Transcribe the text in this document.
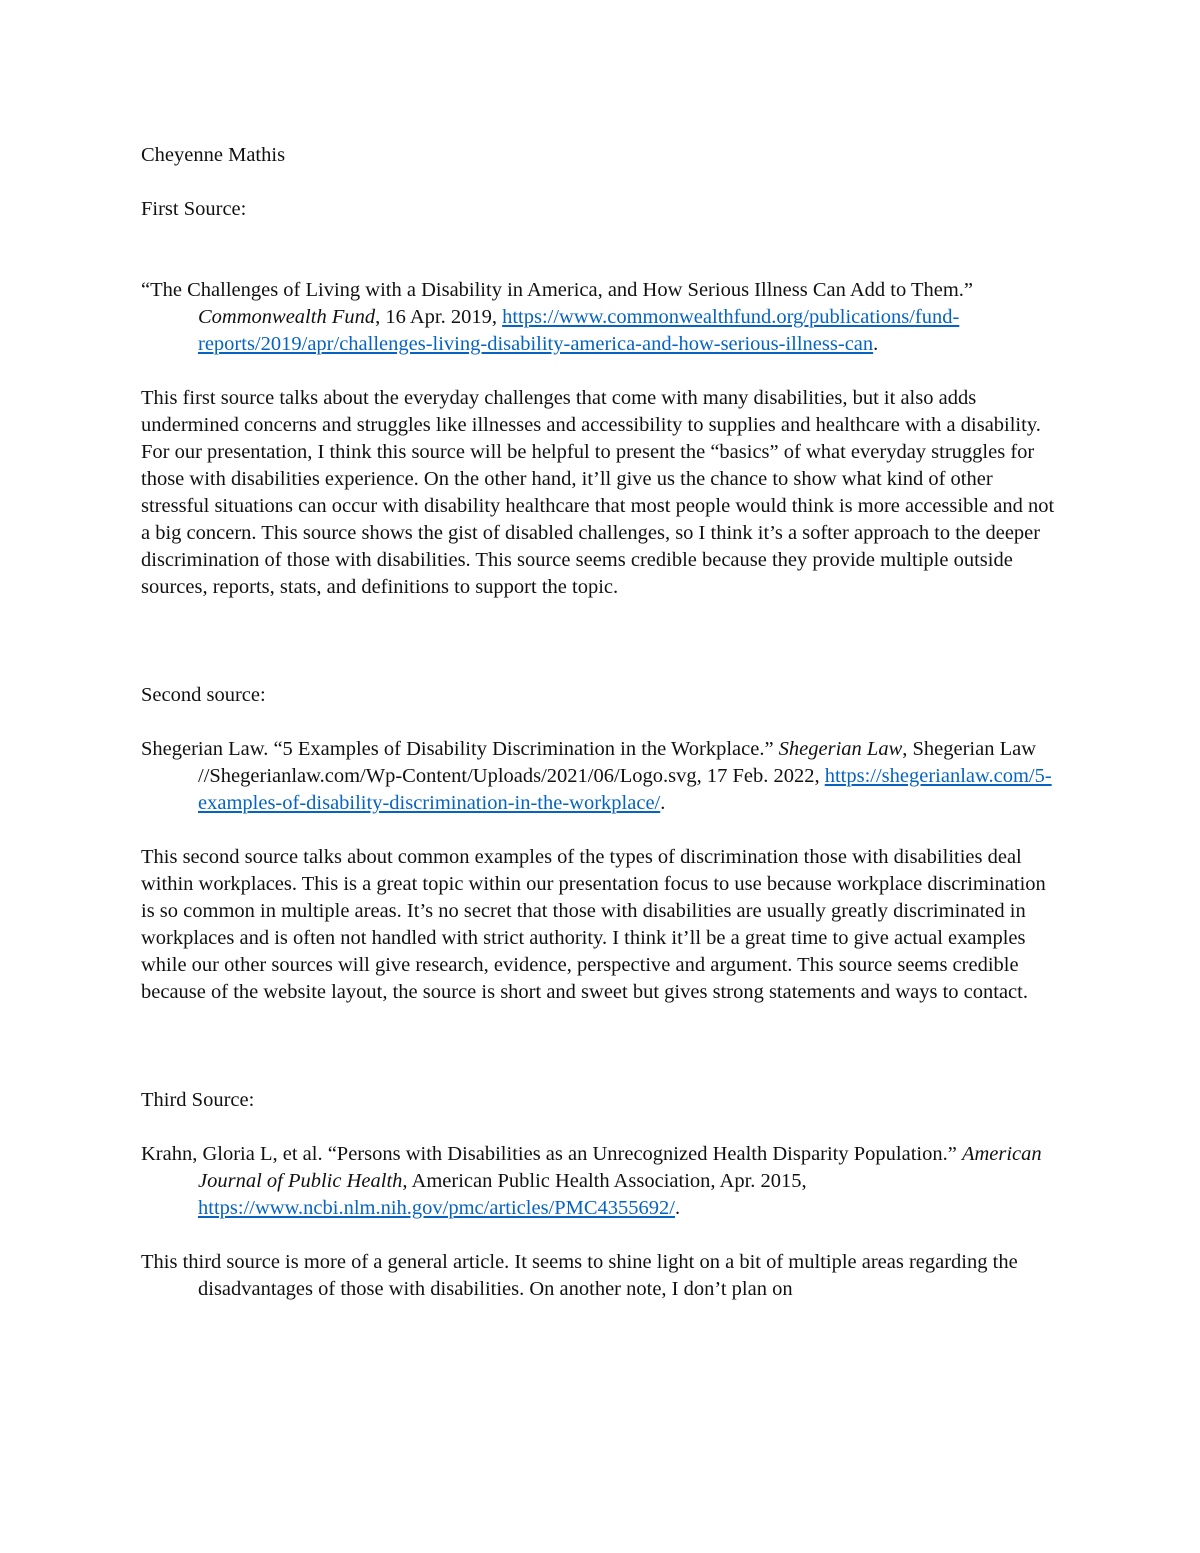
Cheyenne Mathis

First Source:

“The Challenges of Living with a Disability in America, and How Serious Illness Can Add to Them.” Commonwealth Fund, 16 Apr. 2019, https://www.commonwealthfund.org/publications/fund-reports/2019/apr/challenges-living-disability-america-and-how-serious-illness-can.

This first source talks about the everyday challenges that come with many disabilities, but it also adds undermined concerns and struggles like illnesses and accessibility to supplies and healthcare with a disability. For our presentation, I think this source will be helpful to present the “basics” of what everyday struggles for those with disabilities experience. On the other hand, it’ll give us the chance to show what kind of other stressful situations can occur with disability healthcare that most people would think is more accessible and not a big concern. This source shows the gist of disabled challenges, so I think it’s a softer approach to the deeper discrimination of those with disabilities. This source seems credible because they provide multiple outside sources, reports, stats, and definitions to support the topic.

Second source:

Shegerian Law. “5 Examples of Disability Discrimination in the Workplace.” Shegerian Law, Shegerian Law //Shegerianlaw.com/Wp-Content/Uploads/2021/06/Logo.svg, 17 Feb. 2022, https://shegerianlaw.com/5-examples-of-disability-discrimination-in-the-workplace/.

This second source talks about common examples of the types of discrimination those with disabilities deal within workplaces. This is a great topic within our presentation focus to use because workplace discrimination is so common in multiple areas. It’s no secret that those with disabilities are usually greatly discriminated in workplaces and is often not handled with strict authority. I think it’ll be a great time to give actual examples while our other sources will give research, evidence, perspective and argument. This source seems credible because of the website layout, the source is short and sweet but gives strong statements and ways to contact.

Third Source:

Krahn, Gloria L, et al. “Persons with Disabilities as an Unrecognized Health Disparity Population.” American Journal of Public Health, American Public Health Association, Apr. 2015, https://www.ncbi.nlm.nih.gov/pmc/articles/PMC4355692/.

This third source is more of a general article. It seems to shine light on a bit of multiple areas regarding the disadvantages of those with disabilities. On another note, I don’t plan on
